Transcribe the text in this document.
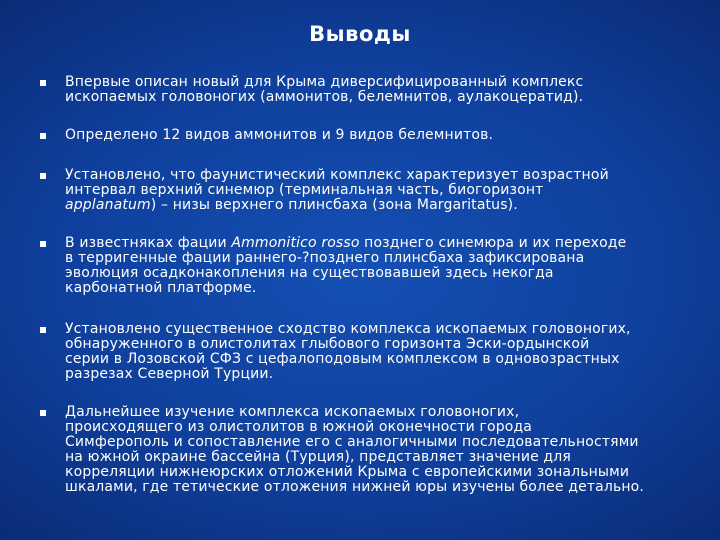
Выводы
Впервые описан новый для Крыма диверсифицированный комплекс
ископаемых головоногих (аммонитов, белемнитов, аулакоцератид).
Определено 12 видов аммонитов и 9 видов белемнитов.
Установлено, что фаунистический комплекс характеризует возрастной
интервал верхний синемюр (терминальная часть, биогоризонт
applanatum) – низы верхнего плинсбаха (зона Margaritatus).
В известняках фации Ammonitico rosso позднего синемюра и их переходе
в терригенные фации раннего-?позднего плинсбаха зафиксирована
эволюция осадконакопления на существовавшей здесь некогда
карбонатной платформе.
Установлено существенное сходство комплекса ископаемых головоногих,
обнаруженного в олистолитах глыбового горизонта Эски-ордынской
серии в Лозовской СФЗ с цефалоподовым комплексом в одновозрастных
разрезах Северной Турции.
Дальнейшее изучение комплекса ископаемых головоногих,
происходящего из олистолитов в южной оконечности города
Симферополь и сопоставление его с аналогичными последовательностями
на южной окраине бассейна (Турция), представляет значение для
корреляции нижнеюрских отложений Крыма с европейскими зональными
шкалами, где тетические отложения нижней юры изучены более детально.
